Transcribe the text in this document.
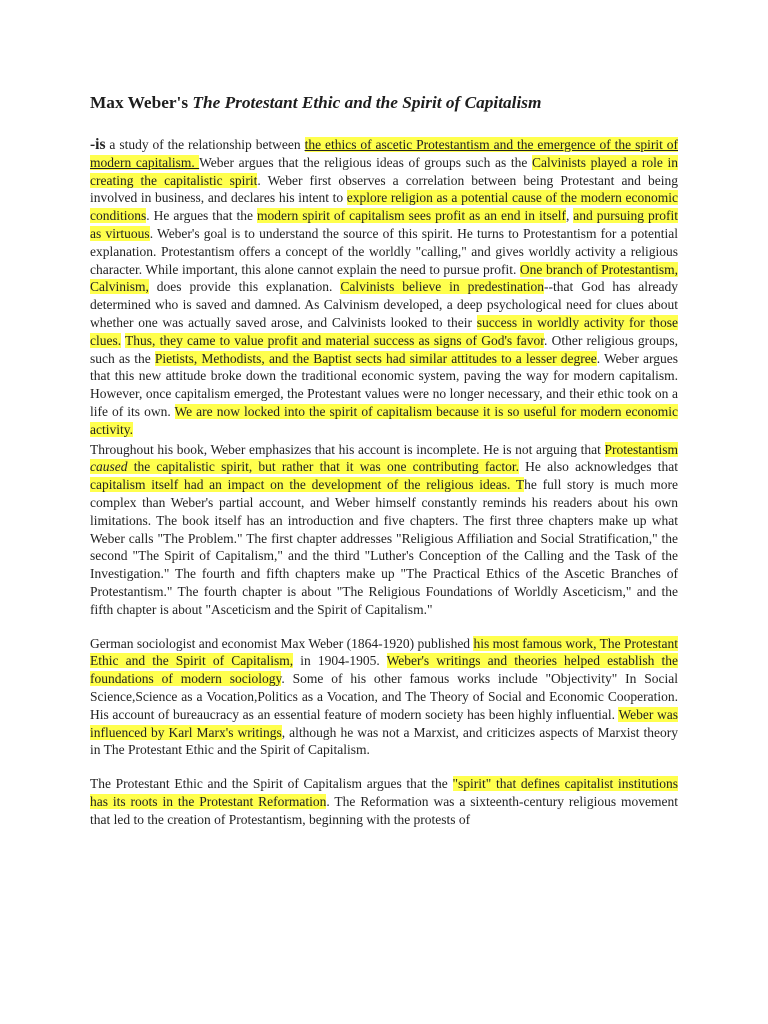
Max Weber's The Protestant Ethic and the Spirit of Capitalism

-is a study of the relationship between the ethics of ascetic Protestantism and the emergence of the spirit of modern capitalism. Weber argues that the religious ideas of groups such as the Calvinists played a role in creating the capitalistic spirit. Weber first observes a correlation between being Protestant and being involved in business, and declares his intent to explore religion as a potential cause of the modern economic conditions. He argues that the modern spirit of capitalism sees profit as an end in itself, and pursuing profit as virtuous. Weber's goal is to understand the source of this spirit. He turns to Protestantism for a potential explanation. Protestantism offers a concept of the worldly "calling," and gives worldly activity a religious character. While important, this alone cannot explain the need to pursue profit. One branch of Protestantism, Calvinism, does provide this explanation. Calvinists believe in predestination--that God has already determined who is saved and damned. As Calvinism developed, a deep psychological need for clues about whether one was actually saved arose, and Calvinists looked to their success in worldly activity for those clues. Thus, they came to value profit and material success as signs of God's favor. Other religious groups, such as the Pietists, Methodists, and the Baptist sects had similar attitudes to a lesser degree. Weber argues that this new attitude broke down the traditional economic system, paving the way for modern capitalism. However, once capitalism emerged, the Protestant values were no longer necessary, and their ethic took on a life of its own. We are now locked into the spirit of capitalism because it is so useful for modern economic activity.

Throughout his book, Weber emphasizes that his account is incomplete. He is not arguing that Protestantism caused the capitalistic spirit, but rather that it was one contributing factor. He also acknowledges that capitalism itself had an impact on the development of the religious ideas. The full story is much more complex than Weber's partial account, and Weber himself constantly reminds his readers about his own limitations. The book itself has an introduction and five chapters. The first three chapters make up what Weber calls "The Problem." The first chapter addresses "Religious Affiliation and Social Stratification," the second "The Spirit of Capitalism," and the third "Luther's Conception of the Calling and the Task of the Investigation." The fourth and fifth chapters make up "The Practical Ethics of the Ascetic Branches of Protestantism." The fourth chapter is about "The Religious Foundations of Worldly Asceticism," and the fifth chapter is about "Asceticism and the Spirit of Capitalism."

German sociologist and economist Max Weber (1864-1920) published his most famous work, The Protestant Ethic and the Spirit of Capitalism, in 1904-1905. Weber's writings and theories helped establish the foundations of modern sociology. Some of his other famous works include "Objectivity" In Social Science,Science as a Vocation,Politics as a Vocation, and The Theory of Social and Economic Cooperation. His account of bureaucracy as an essential feature of modern society has been highly influential. Weber was influenced by Karl Marx's writings, although he was not a Marxist, and criticizes aspects of Marxist theory in The Protestant Ethic and the Spirit of Capitalism.

The Protestant Ethic and the Spirit of Capitalism argues that the "spirit" that defines capitalist institutions has its roots in the Protestant Reformation. The Reformation was a sixteenth-century religious movement that led to the creation of Protestantism, beginning with the protests of
